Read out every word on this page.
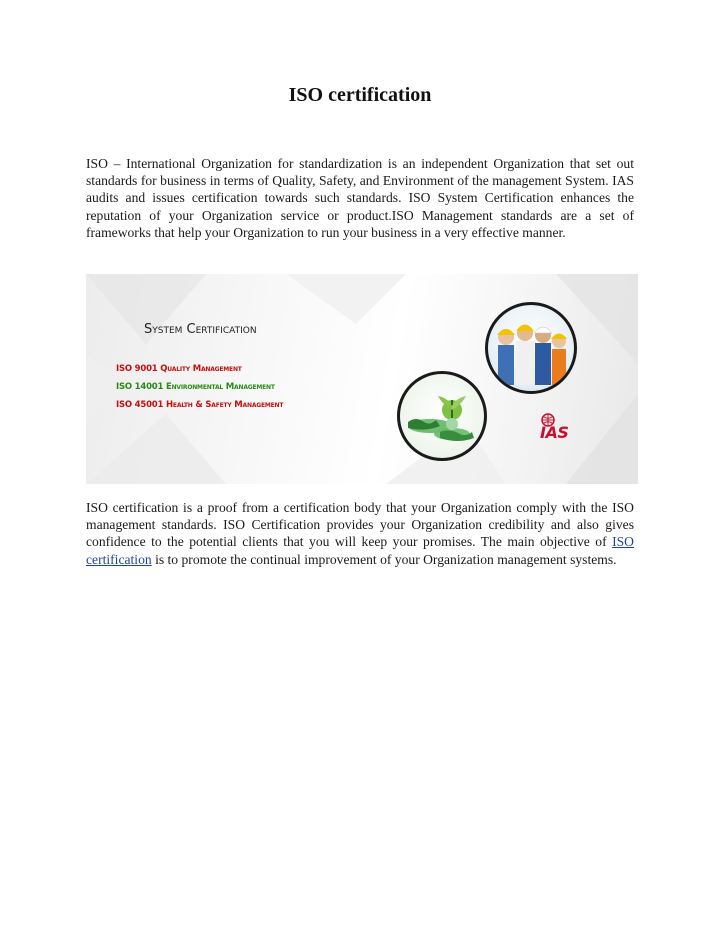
ISO certification

ISO – International Organization for standardization is an independent Organization that set out standards for business in terms of Quality, Safety, and Environment of the management System. IAS audits and issues certification towards such standards. ISO System Certification enhances the reputation of your Organization service or product.ISO Management standards are a set of frameworks that help your Organization to run your business in a very effective manner.

System Certification
ISO 9001 Quality Management
ISO 14001 Environmental Management
ISO 45001 Health & Safety Management
IAS

ISO certification is a proof from a certification body that your Organization comply with the ISO management standards. ISO Certification provides your Organization credibility and also gives confidence to the potential clients that you will keep your promises. The main objective of ISO certification is to promote the continual improvement of your Organization management systems.
